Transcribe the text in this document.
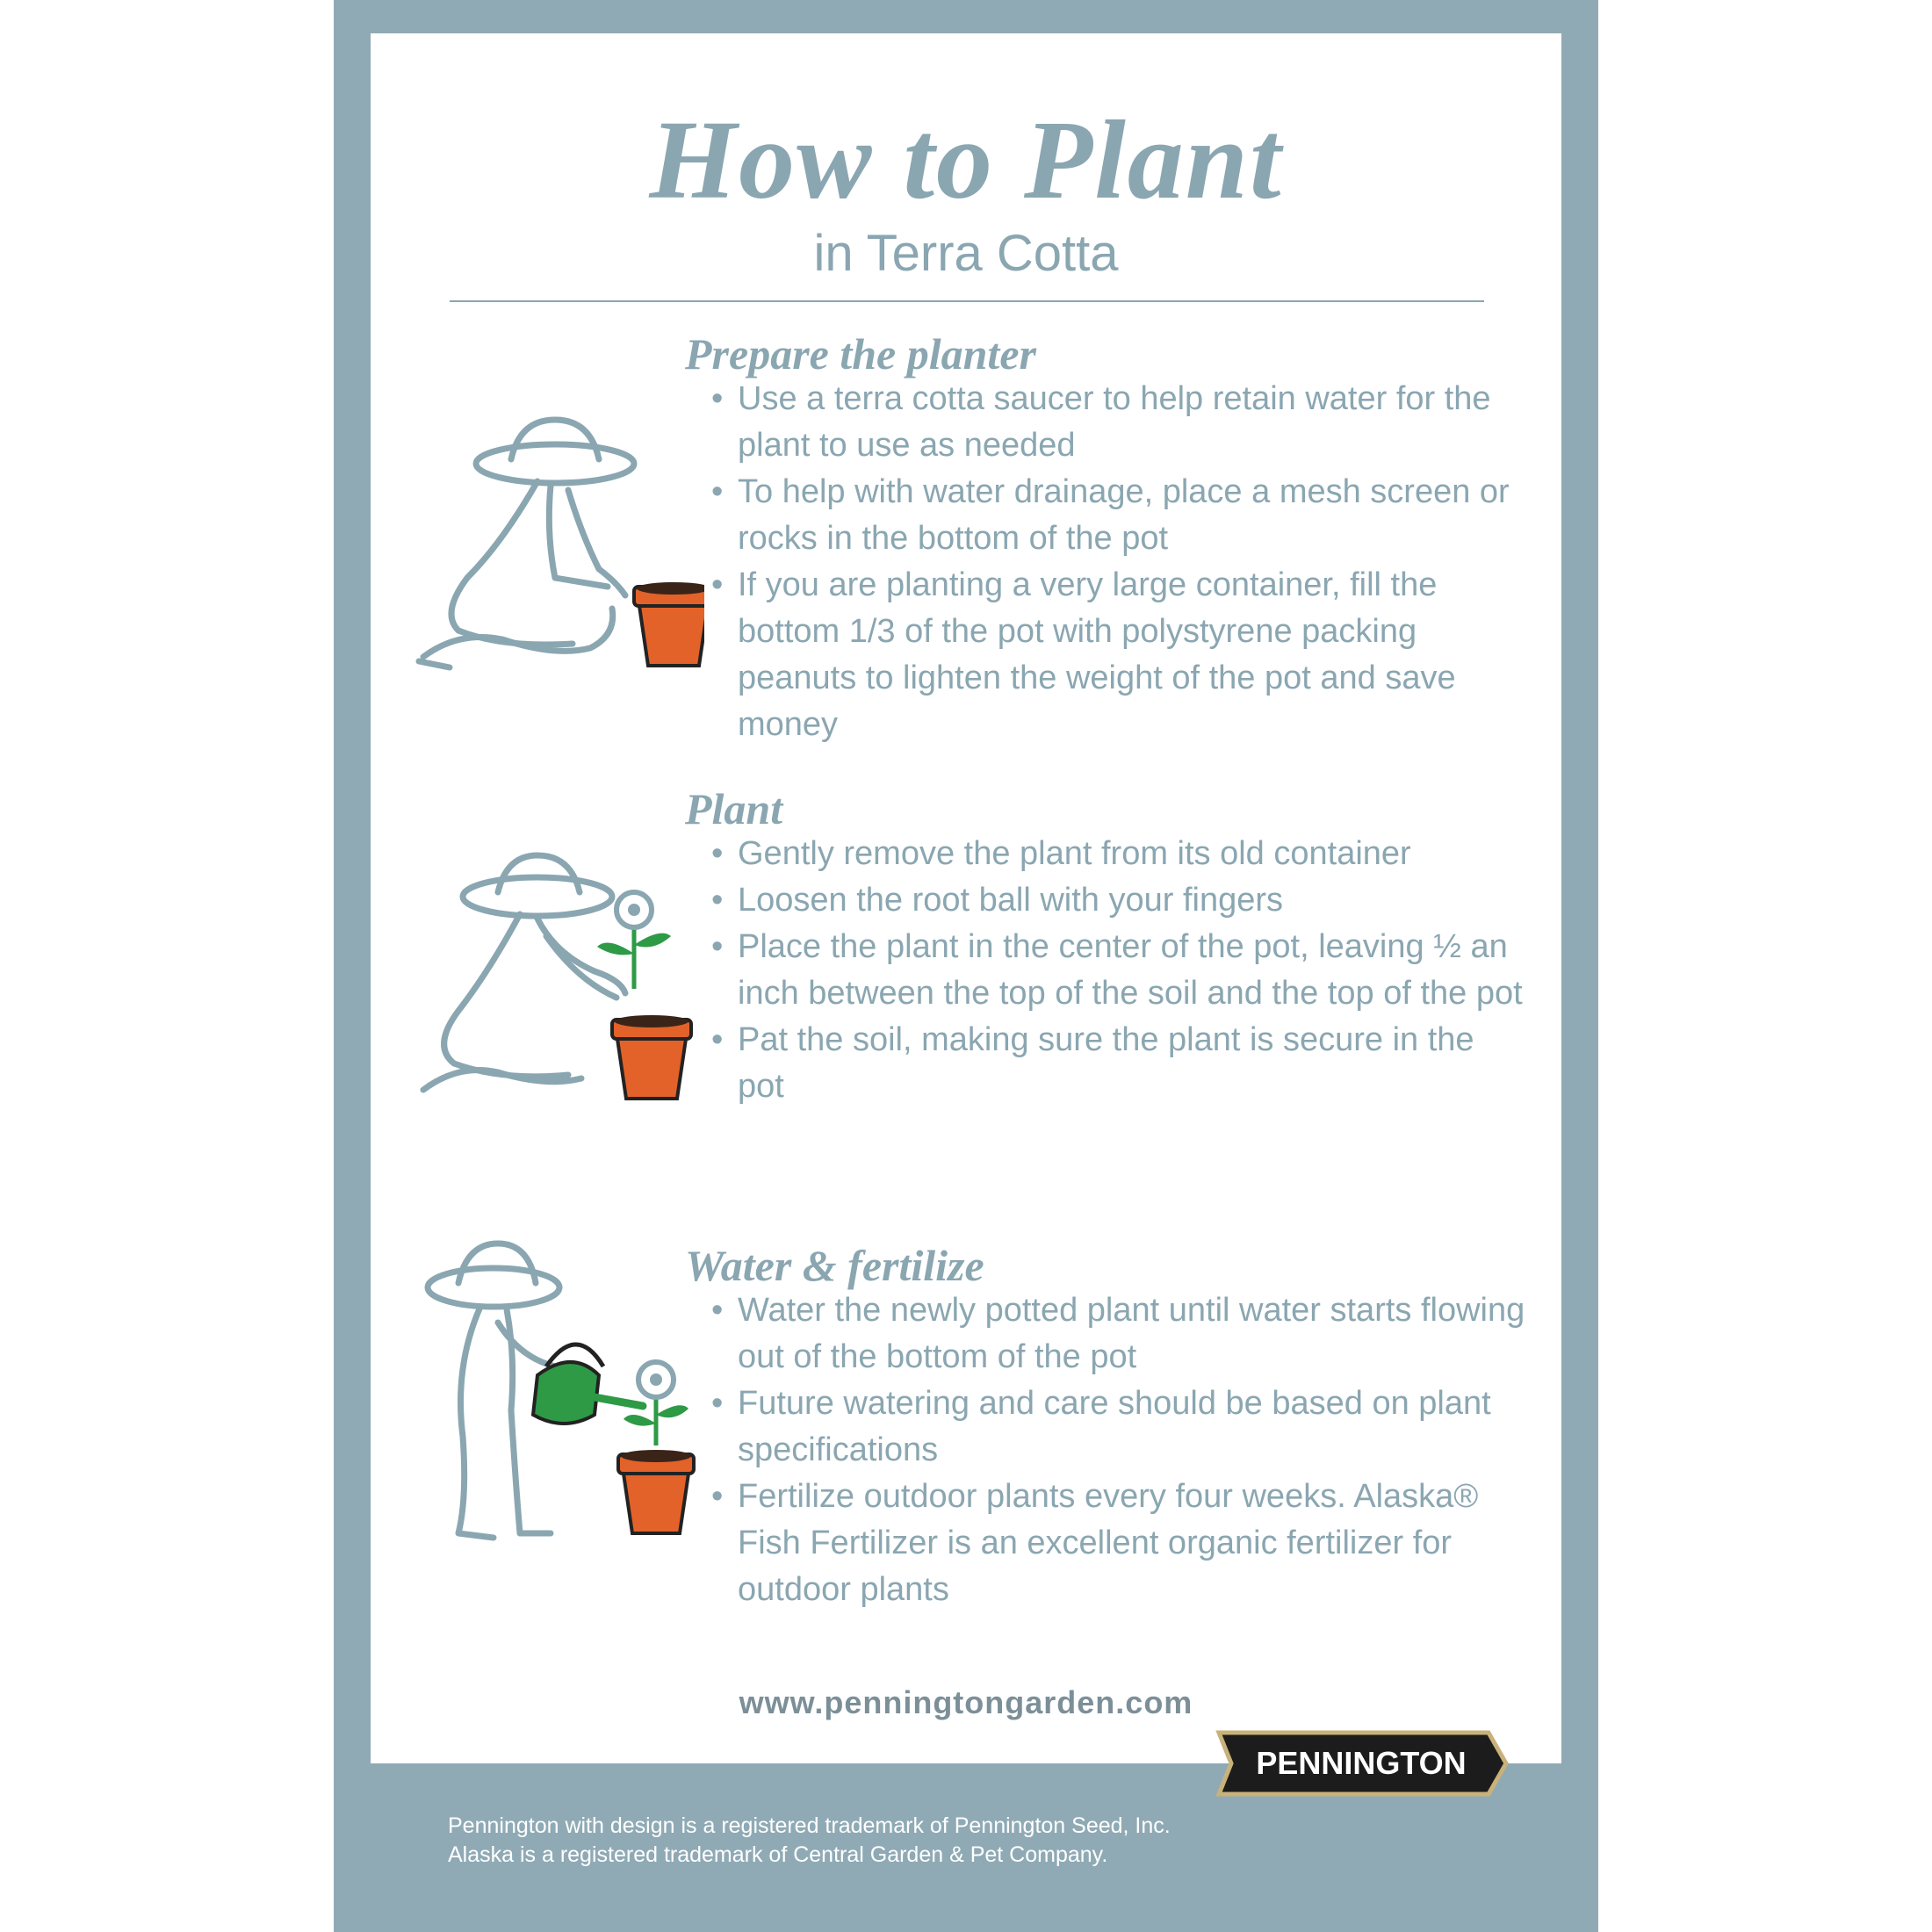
How to Plant
in Terra Cotta
Prepare the planter
• Use a terra cotta saucer to help retain water for the plant to use as needed
• To help with water drainage, place a mesh screen or rocks in the bottom of the pot
• If you are planting a very large container, fill the bottom 1/3 of the pot with polystyrene packing peanuts to lighten the weight of the pot and save money
Plant
• Gently remove the plant from its old container
• Loosen the root ball with your fingers
• Place the plant in the center of the pot, leaving ½ an inch between the top of the soil and the top of the pot
• Pat the soil, making sure the plant is secure in the pot
Water & fertilize
• Water the newly potted plant until water starts flowing out of the bottom of the pot
• Future watering and care should be based on plant specifications
• Fertilize outdoor plants every four weeks. Alaska® Fish Fertilizer is an excellent organic fertilizer for outdoor plants
www.penningtongarden.com
PENNINGTON
Pennington with design is a registered trademark of Pennington Seed, Inc.
Alaska is a registered trademark of Central Garden & Pet Company.
